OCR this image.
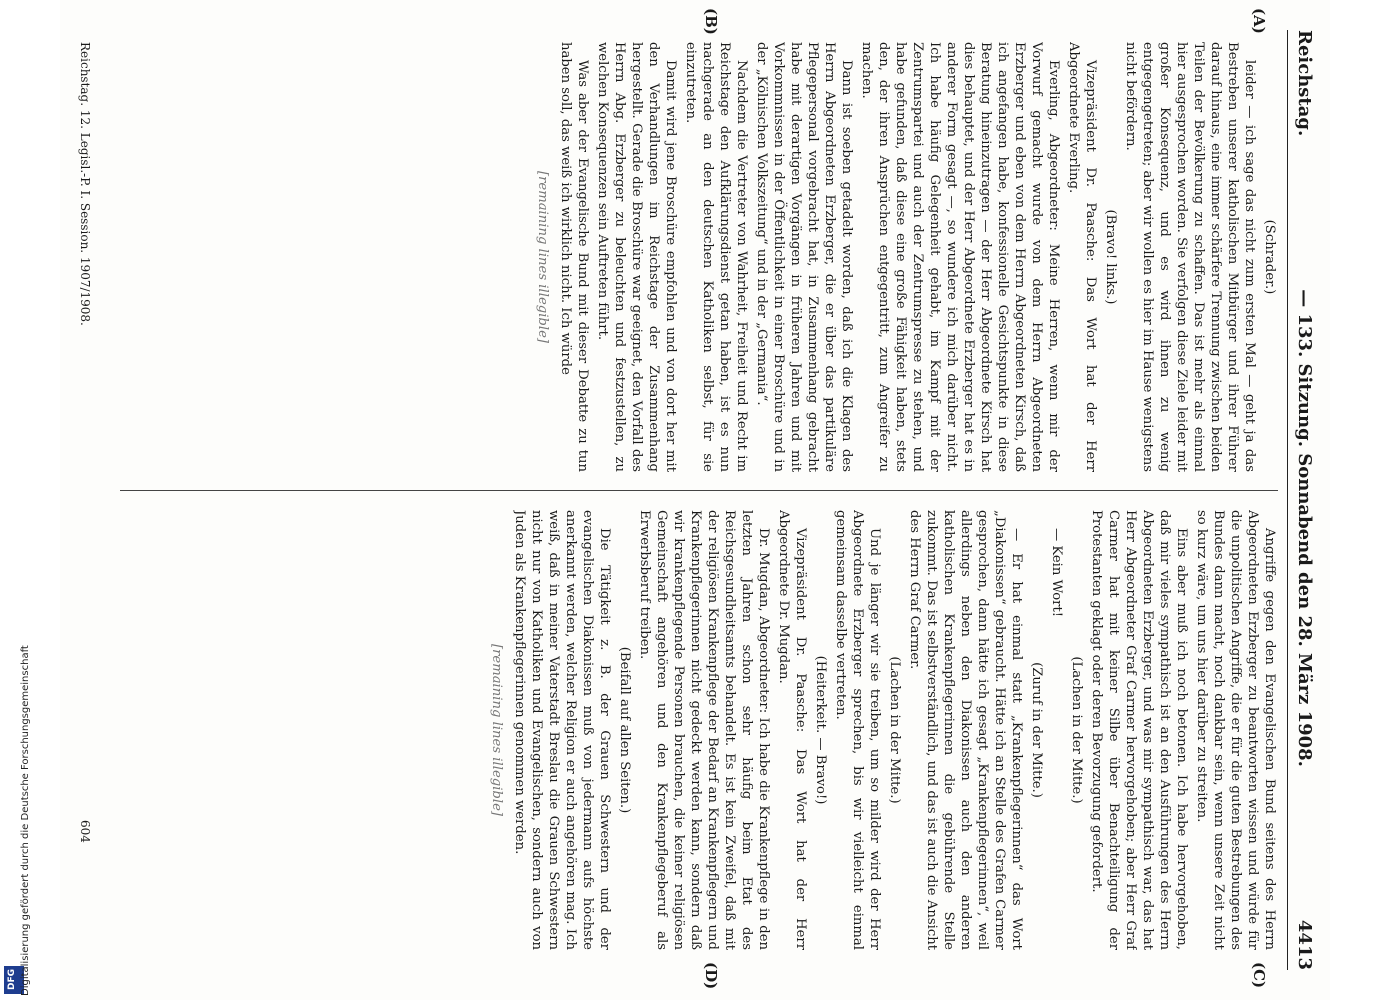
DFG Digitalisierung gefördert durch die Deutsche Forschungsgemeinschaft
Reichstag.
— 133. Sitzung. Sonnabend den 28. März 1908.
4413
(A)
(B)
(C)
(D)

(Schrader.)

leider — ich sage das nicht zum ersten Mal — geht ja das Bestreben unserer katholischen Mitbürger und ihrer Führer darauf hinaus, eine immer schärfere Trennung zwischen beiden Teilen der Bevölkerung zu schaffen. Das ist mehr als einmal hier ausgesprochen worden. Sie verfolgen diese Ziele leider mit großer Konsequenz, und es wird ihnen zu wenig entgegengetreten; aber wir wollen es hier im Hause wenigstens nicht befördern.

(Bravo! links.)

Vizepräsident Dr. Paasche: Das Wort hat der Herr Abgeordnete Everling.

Everling, Abgeordneter: Meine Herren, wenn mir der Vorwurf gemacht wurde von dem Herrn Abgeordneten Erzberger und eben von dem Herrn Abgeordneten Kirsch, daß ich angefangen habe, konfessionelle Gesichtspunkte in diese Beratung hineinzutragen — der Herr Abgeordnete Kirsch hat dies behauptet, und der Herr Abgeordnete Erzberger hat es in anderer Form gesagt —, so wundere ich mich darüber nicht. Ich habe häufig Gelegenheit gehabt, im Kampf mit der Zentrumspartei und auch der Zentrumspresse zu stehen, und habe gefunden, daß diese eine große Fähigkeit haben, stets den, der ihren Ansprüchen entgegentritt, zum Angreifer zu machen.

Dann ist soeben getadelt worden, daß ich die Klagen des Herrn Abgeordneten Erzberger, die er über das partikuläre Pflegepersonal vorgebracht hat, in Zusammenhang gebracht habe mit derartigen Vorgängen in früheren Jahren und mit Vorkommnissen in der Öffentlichkeit in einer Broschüre und in der „Kölnischen Volkszeitung“ und in der „Germania“.

Nachdem die Vertreter von Wahrheit, Freiheit und Recht im Reichstage den Aufklärungsdienst getan haben, ist es nun nachgerade an den deutschen Katholiken selbst, für sie einzutreten.

Damit wird jene Broschüre empfohlen und von dort her mit den Verhandlungen im Reichstage der Zusammenhang hergestellt. Gerade die Broschüre war geeignet, den Vorfall des Herrn Abg. Erzberger zu beleuchten und festzustellen, zu welchen Konsequenzen sein Auftreten führt.

Was aber der Evangelische Bund mit dieser Debatte zu tun haben soll, das weiß ich wirklich nicht. Ich würde

[remaining lines illegible]

Angriffe gegen den Evangelischen Bund seitens des Herrn Abgeordneten Erzberger zu beantworten wissen und würde für die unpolitischen Angriffe, die er für die guten Bestrebungen des Bundes dann macht, noch dankbar sein, wenn unsere Zeit nicht so kurz wäre, um uns hier darüber zu streiten.

Eins aber muß ich noch betonen. Ich habe hervorgehoben, daß mir vieles sympathisch ist an den Ausführungen des Herrn Abgeordneten Erzberger, und was mir sympathisch war, das hat Herr Abgeordneter Graf Carmer hervorgehoben; aber Herr Graf Carmer hat mit keiner Silbe über Benachteiligung der Protestanten geklagt oder deren Bevorzugung gefordert.

(Lachen in der Mitte.)

— Kein Wort!

(Zuruf in der Mitte.)

— Er hat einmal statt „Krankenpflegerinnen“ das Wort „Diakonissen“ gebraucht. Hätte ich an Stelle des Grafen Carmer gesprochen, dann hätte ich gesagt „Krankenpflegerinnen“, weil allerdings neben den Diakonissen auch den anderen katholischen Krankenpflegerinnen die gebührende Stelle zukommt. Das ist selbstverständlich, und das ist auch die Ansicht des Herrn Graf Carmer.

(Lachen in der Mitte.)

Und je länger wir sie treiben, um so milder wird der Herr Abgeordnete Erzberger sprechen, bis wir vielleicht einmal gemeinsam dasselbe vertreten.

(Heiterkeit. — Bravo!)

Vizepräsident Dr. Paasche: Das Wort hat der Herr Abgeordnete Dr. Mugdan.

Dr. Mugdan, Abgeordneter: Ich habe die Krankenpflege in den letzten Jahren schon sehr häufig beim Etat des Reichsgesundheitsamts behandelt. Es ist kein Zweifel, daß mit der religiösen Krankenpflege der Bedarf an Krankenpflegern und Krankenpflegerinnen nicht gedeckt werden kann, sondern daß wir krankenpflegende Personen brauchen, die keiner religiösen Gemeinschaft angehören und den Krankenpflegeberuf als Erwerbsberuf treiben.

(Beifall auf allen Seiten.)

Die Tätigkeit z. B. der Grauen Schwestern und der evangelischen Diakonissen muß von jedermann aufs höchste anerkannt werden, welcher Religion er auch angehören mag. Ich weiß, daß in meiner Vaterstadt Breslau die Grauen Schwestern nicht nur von Katholiken und Evangelischen, sondern auch von Juden als Krankenpflegerinnen genommen werden.

[remaining lines illegible]
Reichstag. 12. Legisl.-P. I. Session. 1907/1908.
604
